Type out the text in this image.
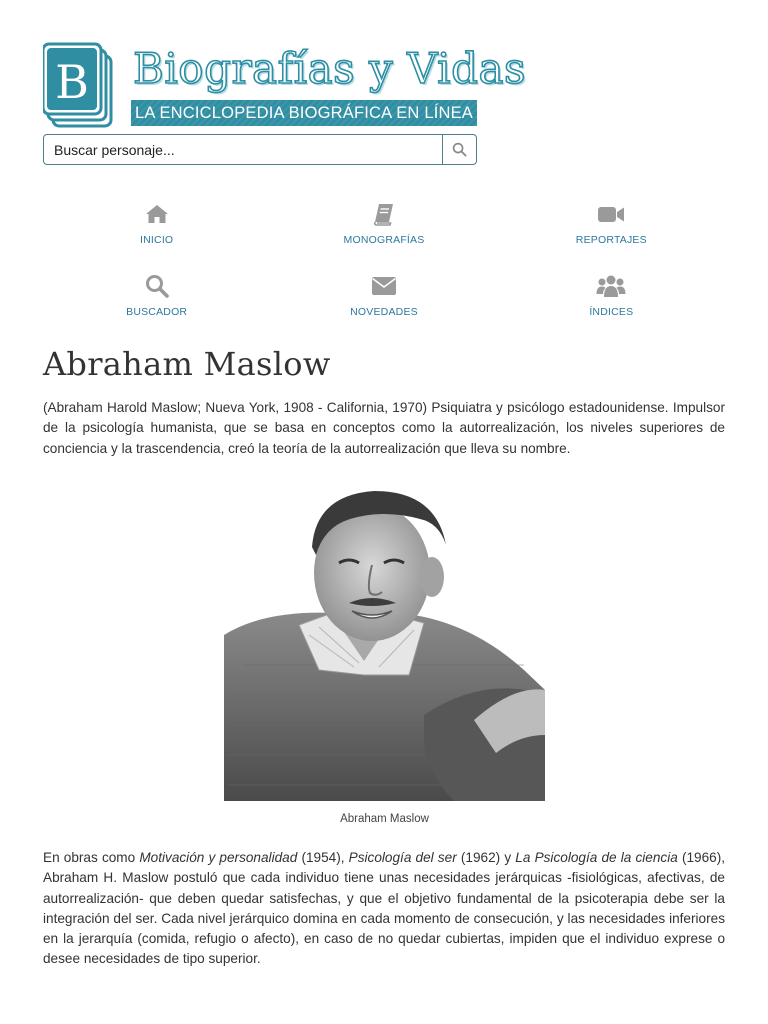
B Biografías y Vidas
LA ENCICLOPEDIA BIOGRÁFICA EN LÍNEA
Buscar personaje...
INICIO	MONOGRAFÍAS	REPORTAJES
BUSCADOR	NOVEDADES	ÍNDICES
Abraham Maslow

(Abraham Harold Maslow; Nueva York, 1908 - California, 1970) Psiquiatra y psicólogo estadounidense. Impulsor de la psicología humanista, que se basa en conceptos como la autorrealización, los niveles superiores de conciencia y la trascendencia, creó la teoría de la autorrealización que lleva su nombre.

Abraham Maslow

En obras como Motivación y personalidad (1954), Psicología del ser (1962) y La Psicología de la ciencia (1966), Abraham H. Maslow postuló que cada individuo tiene unas necesidades jerárquicas -fisiológicas, afectivas, de autorrealización- que deben quedar satisfechas, y que el objetivo fundamental de la psicoterapia debe ser la integración del ser. Cada nivel jerárquico domina en cada momento de consecución, y las necesidades inferiores en la jerarquía (comida, refugio o afecto), en caso de no quedar cubiertas, impiden que el individuo exprese o desee necesidades de tipo superior.
